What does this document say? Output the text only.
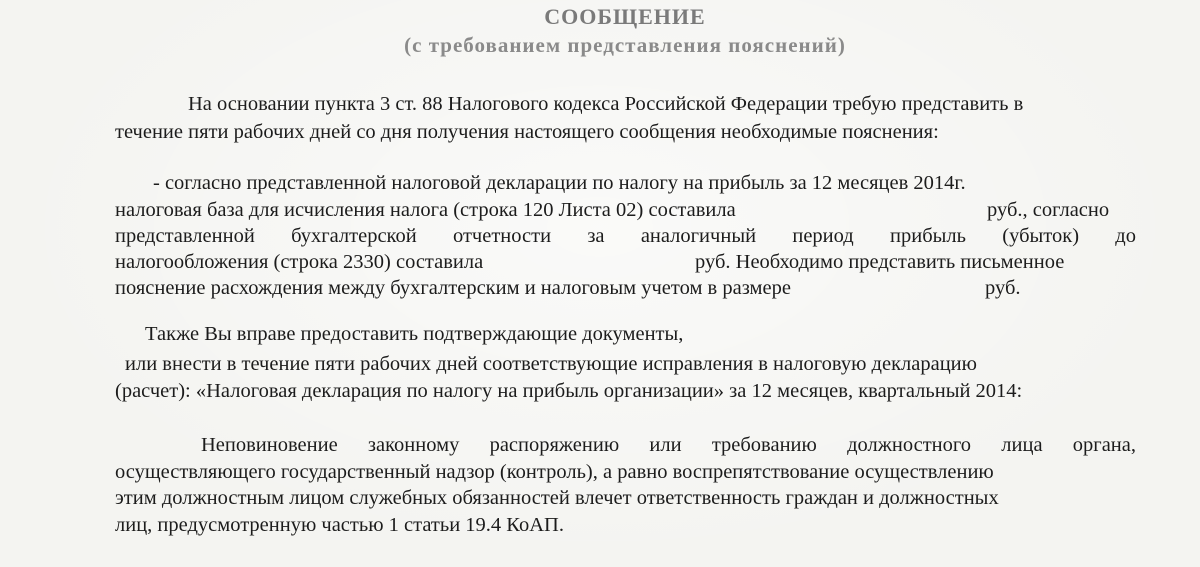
СООБЩЕНИЕ
(с требованием представления пояснений)
На основании пункта 3 ст. 88 Налогового кодекса Российской Федерации требую представить в
течение пяти рабочих дней со дня получения настоящего сообщения необходимые пояснения:
- согласно представленной налоговой декларации по налогу на прибыль за 12 месяцев 2014г.
налоговая база для исчисления налога (строка 120 Листа 02) составила	руб., согласно
представленной бухгалтерской отчетности за аналогичный период прибыль (убыток) до
налогообложения (строка 2330) составила	руб. Необходимо представить письменное
пояснение расхождения между бухгалтерским и налоговым учетом в размере	руб.
Также Вы вправе предоставить подтверждающие документы,
или внести в течение пяти рабочих дней соответствующие исправления в налоговую декларацию
(расчет): «Налоговая декларация по налогу на прибыль организации» за 12 месяцев, квартальный 2014:
Неповиновение законному распоряжению или требованию должностного лица органа,
осуществляющего государственный надзор (контроль), а равно воспрепятствование осуществлению
этим должностным лицом служебных обязанностей влечет ответственность граждан и должностных
лиц, предусмотренную частью 1 статьи 19.4 КоАП.
